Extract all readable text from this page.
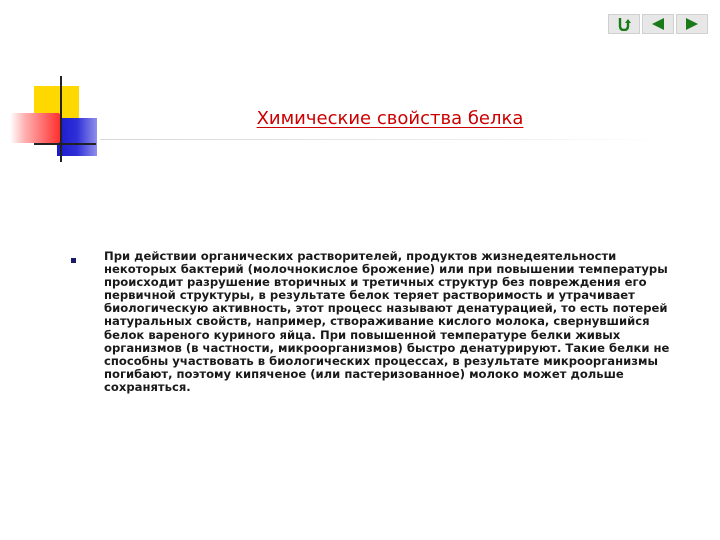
Химические свойства белка
При действии органических растворителей, продуктов жизнедеятельности некоторых бактерий (молочнокислое брожение) или при повышении температуры происходит разрушение вторичных и третичных структур без повреждения его первичной структуры, в результате белок теряет растворимость и утрачивает биологическую активность, этот процесс называют денатурацией, то есть потерей натуральных свойств, например, створаживание кислого молока, свернувшийся белок вареного куриного яйца. При повышенной температуре белки живых организмов (в частности, микроорганизмов) быстро денатурируют. Такие белки не способны участвовать в биологических процессах, в результате микроорганизмы погибают, поэтому кипяченое (или пастеризованное) молоко может дольше сохраняться.
